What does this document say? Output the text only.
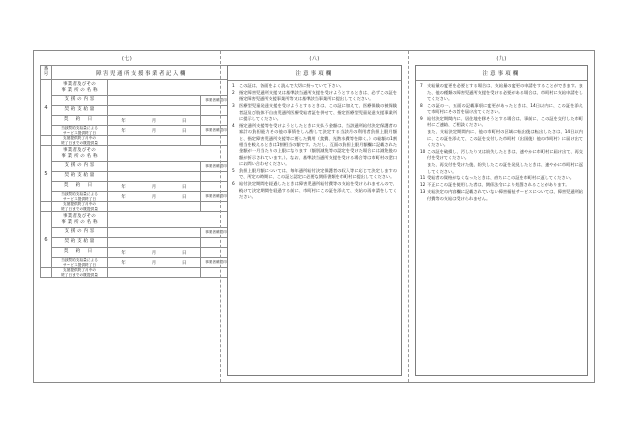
(七)
番
号	障害児通所支援事業者記入欄		
4	事業者及びその
事 業 所 の 名 称		
	支 援 の 内 容		事業者確認印
	契 約 支 給 量		
	契 約 日	年 月 日	
	当該契約支給量による
サービス提供終了日	年 月 日	事業者確認印
	支援提供終了月中の
終了日までの既提供量		
5	事業者及びその
事 業 所 の 名 称		
	支 援 の 内 容		事業者確認印
	契 約 支 給 量		
	契 約 日	年 月 日	
	当該契約支給量による
サービス提供終了日	年 月 日	事業者確認印
	支援提供終了月中の
終了日までの既提供量		
6	事業者及びその
事 業 所 の 名 称		
	支 援 の 内 容		事業者確認印
	契 約 支 給 量		
	契 約 日	年 月 日	
	当該契約支給量による
サービス提供終了日	年 月 日	事業者確認印
	支援提供終了月中の
終了日までの既提供量		
(八)
注意事項欄
1	この証は、各面をよく読んで大切に持っていて下さい。
2	指定障害児通所支援又は基準該当通所支援を受けようとするときは、必ずこの証を指定障害児通所支援事業所等又は基準該当事業所に提出してください。
3	医療型児童発達支援を受けようとするときは、この証に加えて、医療保険の被保険者証及び肢体不自由児通所医療受給者証を併せて、指定医療型児童発達支援事業所に提示してください。
4	指定通所支援等を受けようとしたときに支払う金額は、当該通所給付決定保護者の家計の負担能力その他の事情をしん酌して決定する当該月の利用者負担上限月額と、指定障害児通所支援等に要した費用（食費、光熱水費等を除く。）の総額の1割相当を較えるときは1割相当の額です。ただし、互面の負担上限月額欄に記載された金額が一月当たりの上限になります（額別減免等の認定を受けた場合には減免後の額が折示されています。）。なお、基準該当通所支援を受ける場合等は市町村の窓口にお問い合わせください。
5	負担上限月額については、毎年通所給付決定保護者の収入等に応じて決定しますので、所定の時期に、この証と認定に必要な関係書類を市町村に提出してください。
6	給付決定期間を経過したときは障害児通所給付費等の支給を受けられませんので、続けて決定期間を経過する前に、市町村にこの証を添えて、支給の再申請をしてください。
(九)
注意事項欄
7	支給量の変更を必要とする場合は、支給量の変更の申請をすることができます。また、他の種類の障害児通所支援を受ける必要がある場合は、市町村に支給申請をしてください。
8	この証の一、五面の記載事項に変更があったときは、14日以内に、この証を添えて市町村にその旨を届け出てください。
9	給付決定期間内に、居住地を移そうとする場合は、事前に、この証を交付した市町村にご連絡、ご相談ください。
また、支給決定期間内に、他の市町村の区域に転出後は転出したさは、14日以内に、この証を添えて、この証を交付した市町村（出国後）他の市町村）に届け出てください。
10 この証を破損し、汚したり又は紛失したときは、速やかに市町村に届け出て、再交付を受けてください。
また、再交付を受けた後、紛失したこの証を発見したときは、速やかに市町村に返してください。
11 受給者の資格がなくなったときは、直ちにこの証を市町村に返してください。
12 不正にこの証を使用した者は、関係法令により処罰されることがあります。
13 支給決定の内容欄に記載されていない障害福祉サービスについては、障害児通所給付費等の支給は受けられません。
